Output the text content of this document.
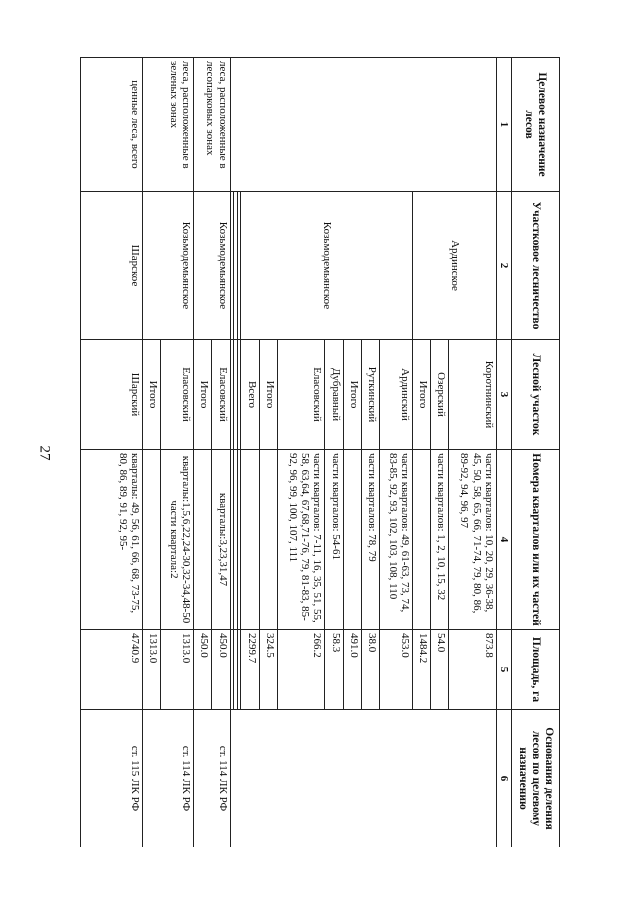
27
Целевое назначение лесов	Участковое лесничество	Лесной участок	Номера кварталов или их частей	Площадь, га	Основания деления лесов по целевому назначению
1	2	3	4	5	6
	Ардинское	Коротнинский	части кварталов: 10, 20, 29, 36-38, 45, 50, 58, 65, 66, 71-74, 79, 80, 86, 89-92, 94, 96, 97	873.8	
		Озерский	части кварталов: 1, 2, 10, 15, 32	54.0	
		Итого		1484.2	
	Козьмодемьянское	Ардинский	части кварталов: 49, 61-63, 73, 74, 83-85, 92, 93, 102, 103, 108, 110	453.0	
		Руткинский	части кварталов: 78, 79	38.0	
		Итого		491.0	
		Дубравный	части кварталов: 54-61	58.3	
		Еласовский	части кварталов: 7-11, 16, 35, 51, 55, 58, 63,64, 67,68,71-76, 79, 81-83, 85-92, 96, 99, 100, 107, 111	266.2	
		Итого		324.5	
		Всего		2299.7	

леса, расположенные в лесопарковых зонах	Козьмодемьянское	Еласовский	кварталы:3,23,31,47	450.0	ст. 114 ЛК РФ
		Итого		450.0	
леса, расположенные в зеленых зонах	Козьмодемьянское	Еласовский	кварталы:1,5,6,22,24-30,32-34,48-50
части квартала:2	1313.0	ст. 114 ЛК РФ
		Итого		1313.0	
ценные леса, всего	Шарское	Шарский	кварталы: 49, 56, 61, 66, 68, 73-75, 80, 86, 89, 91, 92, 95-	4740.9	ст. 115 ЛК РФ
